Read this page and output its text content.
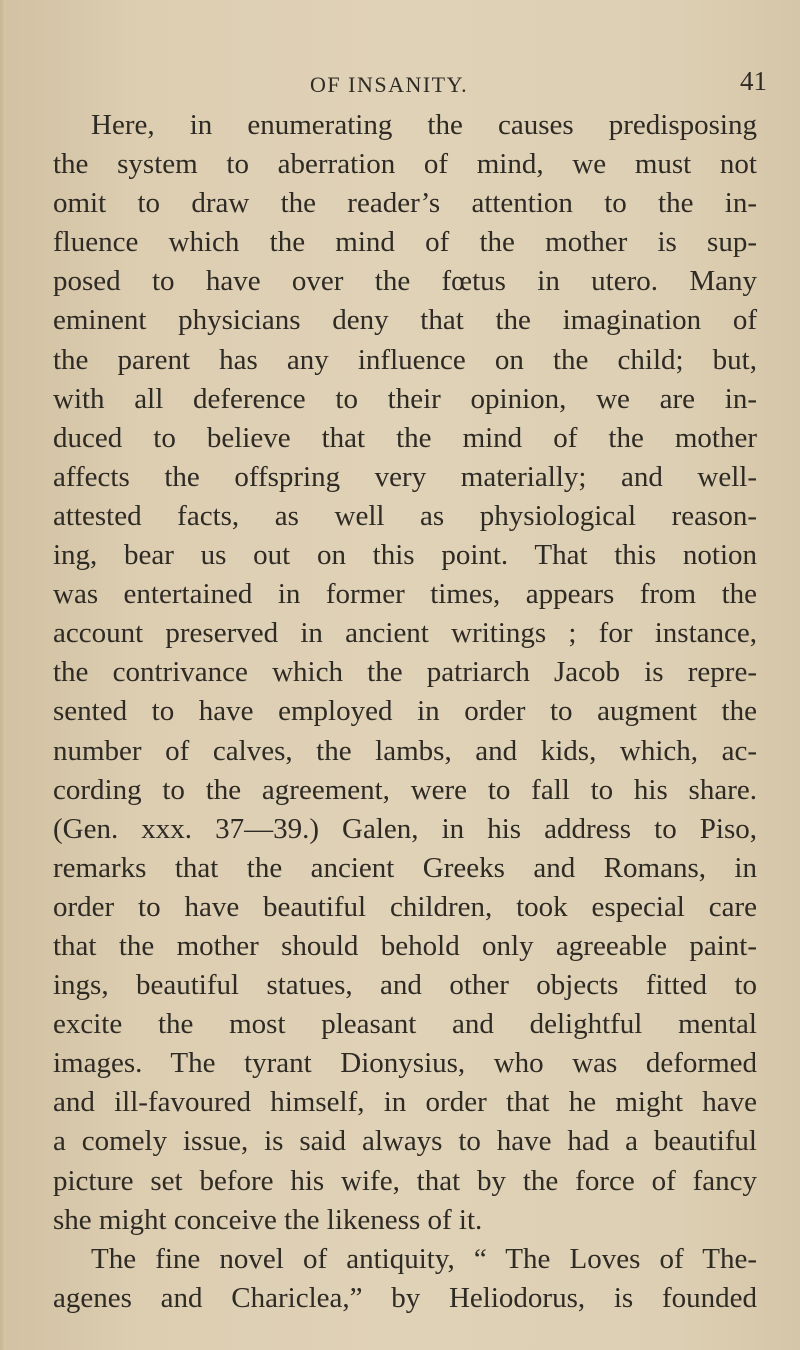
OF INSANITY.	41
Here, in enumerating the causes predisposing
the system to aberration of mind, we must not
omit to draw the reader’s attention to the in-
fluence which the mind of the mother is sup-
posed to have over the fœtus in utero. Many
eminent physicians deny that the imagination of
the parent has any influence on the child; but,
with all deference to their opinion, we are in-
duced to believe that the mind of the mother
affects the offspring very materially; and well-
attested facts, as well as physiological reason-
ing, bear us out on this point. That this notion
was entertained in former times, appears from the
account preserved in ancient writings ; for instance,
the contrivance which the patriarch Jacob is repre-
sented to have employed in order to augment the
number of calves, the lambs, and kids, which, ac-
cording to the agreement, were to fall to his share.
(Gen. xxx. 37—39.) Galen, in his address to Piso,
remarks that the ancient Greeks and Romans, in
order to have beautiful children, took especial care
that the mother should behold only agreeable paint-
ings, beautiful statues, and other objects fitted to
excite the most pleasant and delightful mental
images. The tyrant Dionysius, who was deformed
and ill-favoured himself, in order that he might have
a comely issue, is said always to have had a beautiful
picture set before his wife, that by the force of fancy
she might conceive the likeness of it.
The fine novel of antiquity, “ The Loves of The-
agenes and Chariclea,” by Heliodorus, is founded
